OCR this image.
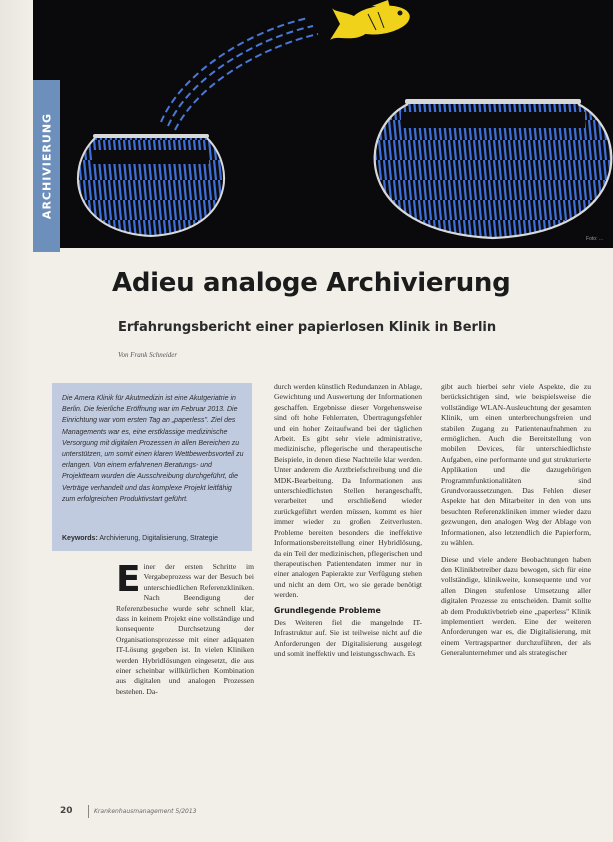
Foto: ...
ARCHIVIERUNG
Adieu analoge Archivierung
Erfahrungsbericht einer papierlosen Klinik in Berlin
Von Frank Schneider
Die Amera Klinik für Akutmedizin ist eine Akutgeriatrie in Berlin. Die feierliche Eröffnung war im Februar 2013. Die Einrichtung war vom ersten Tag an „paperless". Ziel des Managements war es, eine erstklassige medizinische Versorgung mit digitalen Prozessen in allen Bereichen zu unterstützen, um somit einen klaren Wettbewerbsvorteil zu erlangen. Von einem erfahrenen Beratungs- und Projektteam wurden die Ausschreibung durchgeführt, die Verträge verhandelt und das komplexe Projekt leitfähig zum erfolgreichen Produktivstart geführt.
Keywords: Archivierung, Digitalisierung, Strategie
E iner der ersten Schritte im Vergabeprozess war der Besuch bei unterschiedlichen Referenzkliniken. Nach Beendigung der Referenzbesuche wurde sehr schnell klar, dass in keinem Projekt eine vollständige und konsequente Durchsetzung der Organisationsprozesse mit einer adäquaten IT-Lösung gegeben ist. In vielen Kliniken werden Hybridlösungen eingesetzt, die aus einer scheinbar willkürlichen Kombination aus digitalen und analogen Prozessen bestehen. Da-

durch werden künstlich Redundanzen in Ablage, Gewichtung und Auswertung der Informationen geschaffen. Ergebnisse dieser Vorgehensweise sind oft hohe Fehlerraten, Übertragungsfehler und ein hoher Zeitaufwand bei der täglichen Arbeit. Es gibt sehr viele administrative, medizinische, pflegerische und therapeutische Beispiele, in denen diese Nachteile klar werden. Unter anderem die Arztbriefschreibung und die MDK-Bearbeitung. Da Informationen aus unterschiedlichsten Stellen herangeschafft, verarbeitet und erschließend wieder zurückgeführt werden müssen, kommt es hier immer wieder zu großen Zeitverlusten. Probleme bereiten besonders die ineffektive Informationsbereitstellung einer Hybridlösung, da ein Teil der medizinischen, pflegerischen und therapeutischen Patientendaten immer nur in einer analogen Papierakte zur Verfügung stehen und nicht an dem Ort, wo sie gerade benötigt werden.

Grundlegende Probleme

Des Weiteren fiel die mangelnde IT-Infrastruktur auf. Sie ist teilweise nicht auf die Anforderungen der Digitalisierung ausgelegt und somit ineffektiv und leistungsschwach. Es

gibt auch hierbei sehr viele Aspekte, die zu berücksichtigen sind, wie beispielsweise die vollständige WLAN-Ausleuchtung der gesamten Klinik, um einen unterbrechungsfreien und stabilen Zugang zu Patientenaufnahmen zu ermöglichen. Auch die Bereitstellung von mobilen Devices, für unterschiedlichste Aufgaben, eine performante und gut strukturierte Applikation und die dazugehörigen Programmfunktionalitäten sind Grundvoraussetzungen. Das Fehlen dieser Aspekte hat den Mitarbeiter in den von uns besuchten Referenzkliniken immer wieder dazu gezwungen, den analogen Weg der Ablage von Informationen, also letztendlich die Papierform, zu wählen.

Diese und viele andere Beobachtungen haben den Klinikbetreiber dazu bewogen, sich für eine vollständige, klinikweite, konsequente und vor allen Dingen stufenlose Umsetzung aller digitalen Prozesse zu entscheiden. Damit sollte ab dem Produktivbetrieb eine „paperless" Klinik implementiert werden. Eine der weiteren Anforderungen war es, die Digitalisierung, mit einem Vertragspartner durchzuführen, der als Generalunternehmer und als strategischer

20	Krankenhausmanagement 5/2013
